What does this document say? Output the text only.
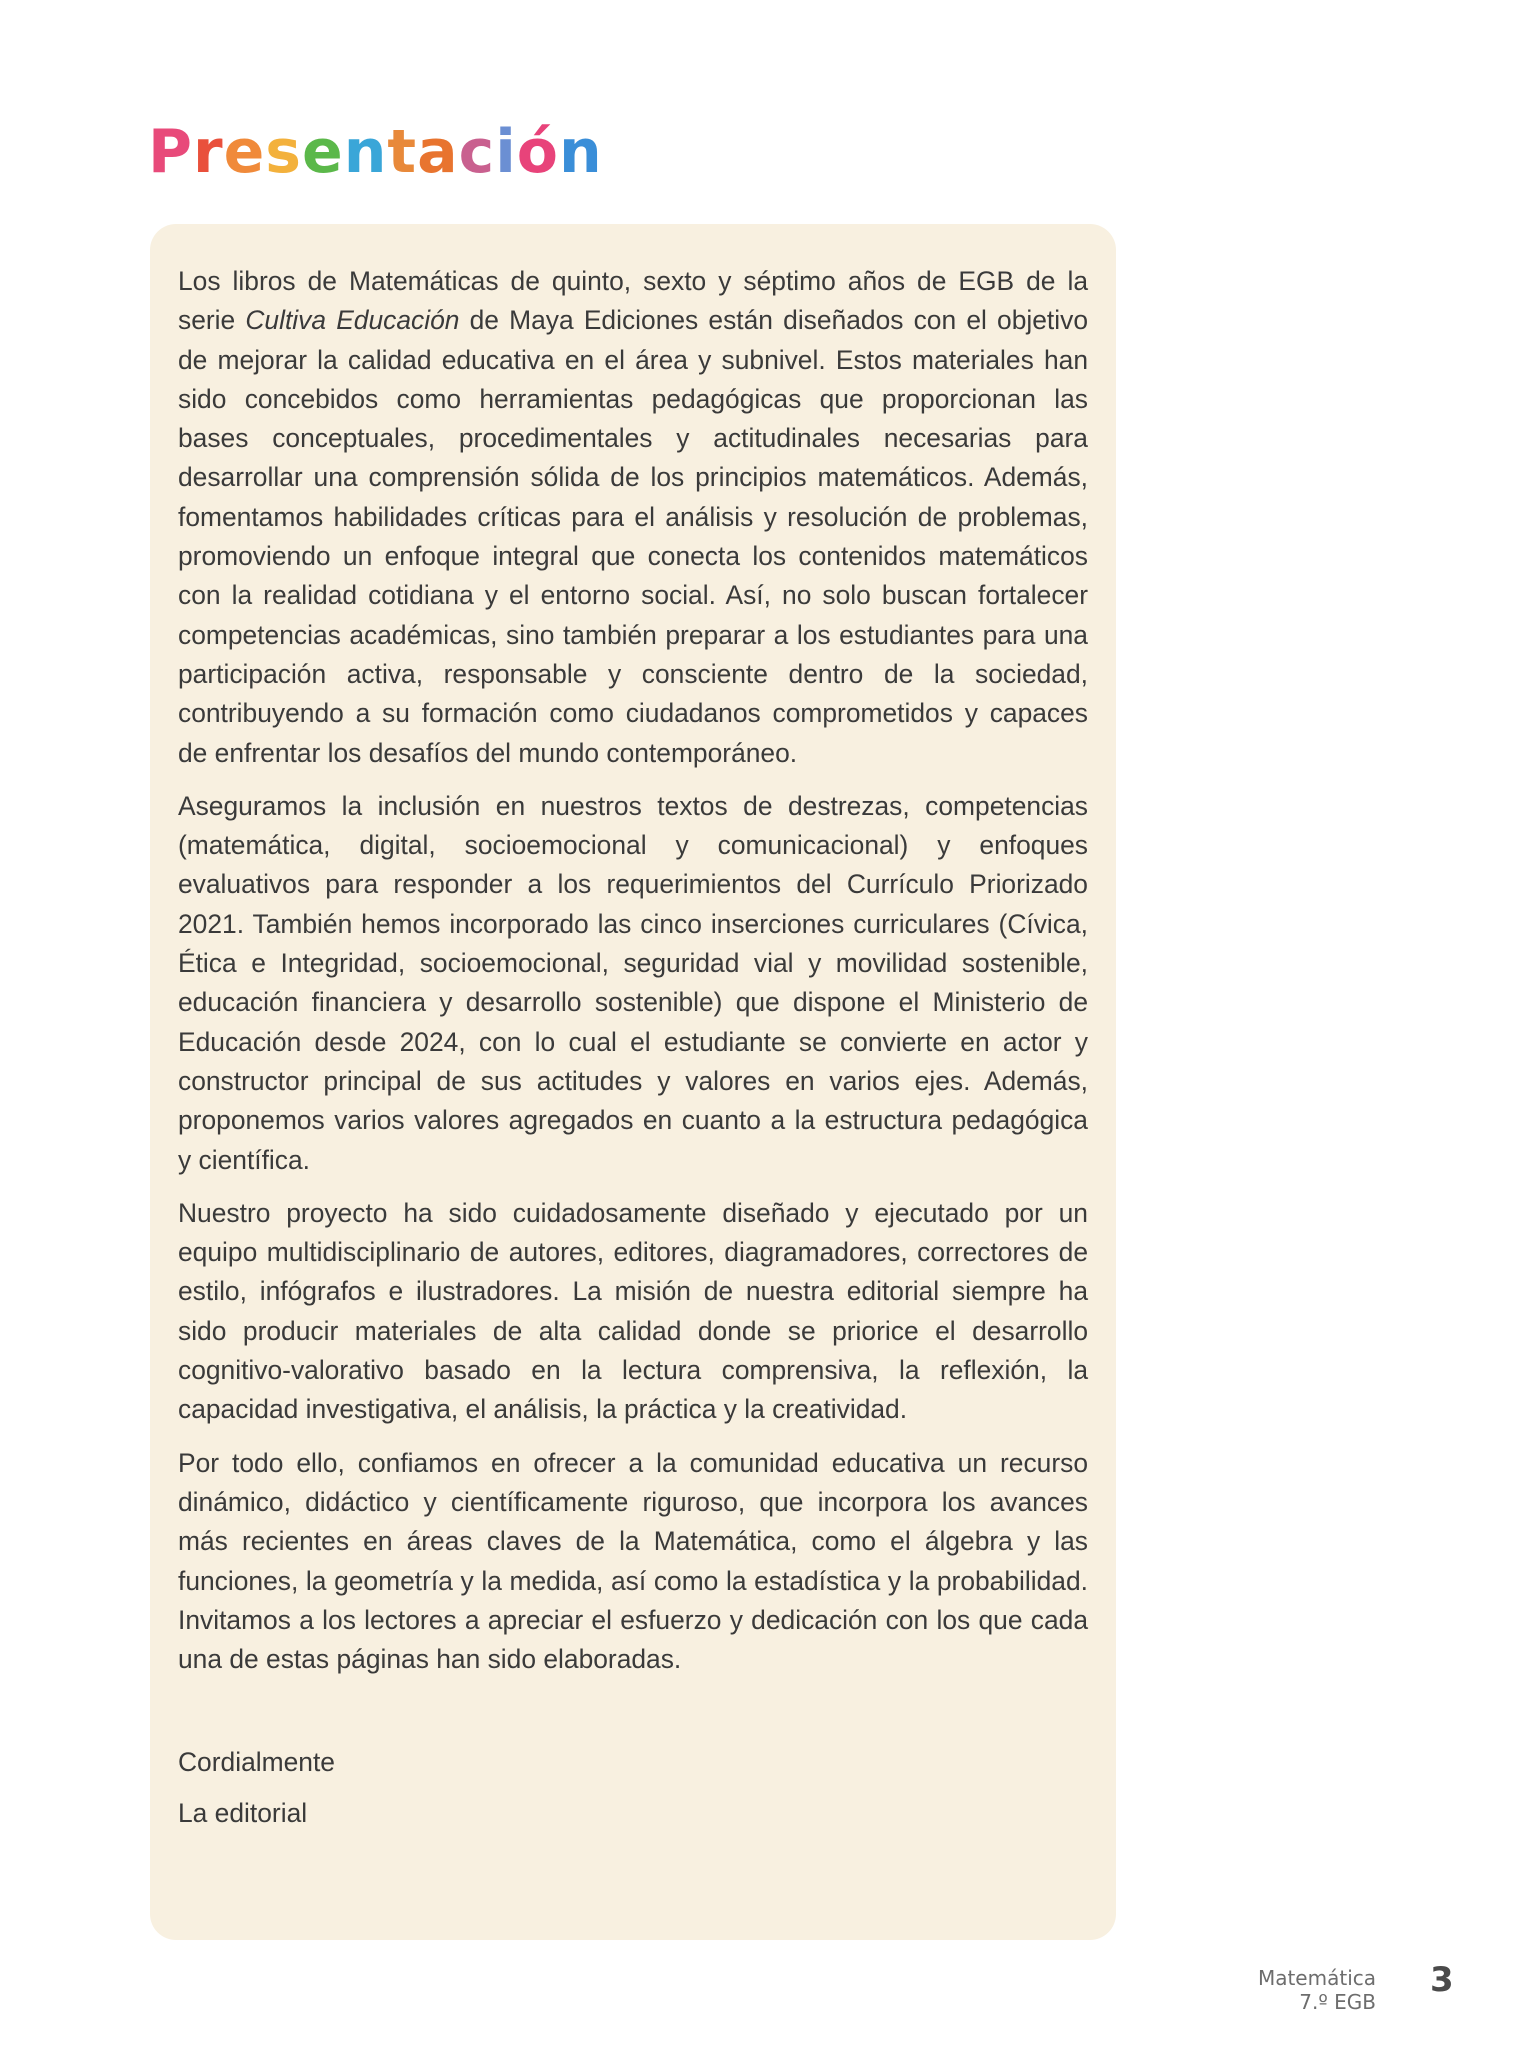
Presentación

Los libros de Matemáticas de quinto, sexto y séptimo años de EGB de la serie Cultiva Educación de Maya Ediciones están diseñados con el objetivo de mejorar la calidad educativa en el área y subnivel. Estos materiales han sido concebidos como herramientas pedagógicas que proporcionan las bases conceptuales, procedimentales y actitudinales necesarias para desarrollar una comprensión sólida de los principios matemáticos. Además, fomentamos habilidades críticas para el análisis y resolución de problemas, promoviendo un enfoque integral que conecta los contenidos matemáticos con la realidad cotidiana y el entorno social. Así, no solo buscan fortalecer competencias académicas, sino también preparar a los estudiantes para una participación activa, responsable y consciente dentro de la sociedad, contribuyendo a su formación como ciudadanos comprometidos y capaces de enfrentar los desafíos del mundo contemporáneo.

Aseguramos la inclusión en nuestros textos de destrezas, competencias (matemática, digital, socioemocional y comunicacional) y enfoques evaluativos para responder a los requerimientos del Currículo Priorizado 2021. También hemos incorporado las cinco inserciones curriculares (Cívica, Ética e Integridad, socioemocional, seguridad vial y movilidad sostenible, educación financiera y desarrollo sostenible) que dispone el Ministerio de Educación desde 2024, con lo cual el estudiante se convierte en actor y constructor principal de sus actitudes y valores en varios ejes. Además, proponemos varios valores agregados en cuanto a la estructura pedagógica y científica.

Nuestro proyecto ha sido cuidadosamente diseñado y ejecutado por un equipo multidisciplinario de autores, editores, diagramadores, correctores de estilo, infógrafos e ilustradores. La misión de nuestra editorial siempre ha sido producir materiales de alta calidad donde se priorice el desarrollo cognitivo-valorativo basado en la lectura comprensiva, la reflexión, la capacidad investigativa, el análisis, la práctica y la creatividad.

Por todo ello, confiamos en ofrecer a la comunidad educativa un recurso dinámico, didáctico y científicamente riguroso, que incorpora los avances más recientes en áreas claves de la Matemática, como el álgebra y las funciones, la geometría y la medida, así como la estadística y la probabilidad. Invitamos a los lectores a apreciar el esfuerzo y dedicación con los que cada una de estas páginas han sido elaboradas.

Cordialmente
La editorial
Matemática
7.º EGB
3
